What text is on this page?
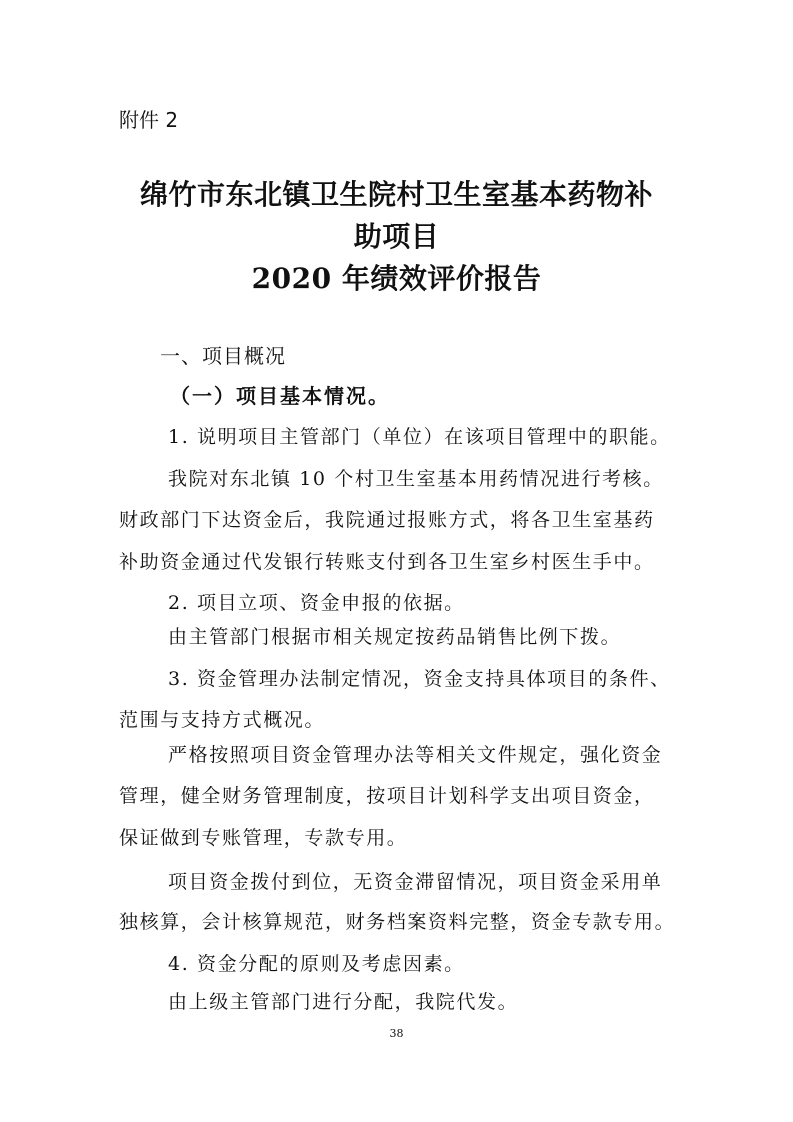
附件 2
绵竹市东北镇卫生院村卫生室基本药物补
助项目
2020 年绩效评价报告
一、项目概况
（一）项目基本情况。
1. 说明项目主管部门（单位）在该项目管理中的职能。
我院对东北镇 10 个村卫生室基本用药情况进行考核。
财政部门下达资金后，我院通过报账方式，将各卫生室基药
补助资金通过代发银行转账支付到各卫生室乡村医生手中。
2. 项目立项、资金申报的依据。
由主管部门根据市相关规定按药品销售比例下拨。
3. 资金管理办法制定情况，资金支持具体项目的条件、
范围与支持方式概况。
严格按照项目资金管理办法等相关文件规定，强化资金
管理，健全财务管理制度，按项目计划科学支出项目资金，
保证做到专账管理，专款专用。
项目资金拨付到位，无资金滞留情况，项目资金采用单
独核算，会计核算规范，财务档案资料完整，资金专款专用。
4. 资金分配的原则及考虑因素。
由上级主管部门进行分配，我院代发。
38
